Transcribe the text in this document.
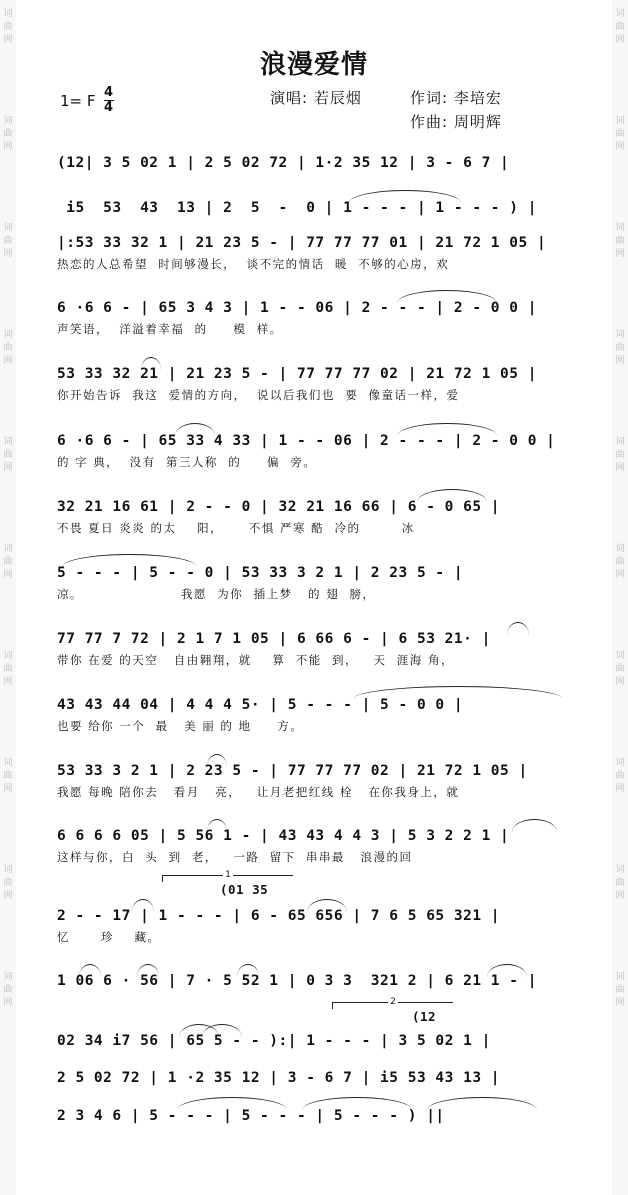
词
曲
网
词
曲
网
词
曲
网
词
曲
网
词
曲
网
词
曲
网
词
曲
网
词
曲
网
词
曲
网
词
曲
网
词
曲
网
词
曲
网
词
曲
网
词
曲
网
词
曲
网
词
曲
网
词
曲
网
词
曲
网
词
曲
网
词
曲
网
浪漫爱情
1= F 4
4
演唱: 若辰烟	作词: 李培宏
作曲: 周明辉
(12| 3 5 02 1 | 2 5 02 72 | 1·2 35 12 | 3 - 6 7 |
i5  53  43  13 | 2  5  -  0 | 1 - - - | 1 - - - ) |
|:53 33 32 1 | 21 23 5 - | 77 77 77 01 | 21 72 1 05 |
热恋的人总希望  时间够漫长，  谈不完的情话  暖  不够的心房，欢
6 ·6 6 - | 65 3 4 3 | 1 - - 06 | 2 - - - | 2 - 0 0 |
声笑语，  洋溢着幸福  的     模  样。
53 33 32 21 | 21 23 5 - | 77 77 77 02 | 21 72 1 05 |
你开始告诉  我这  爱情的方向，  说以后我们也  要  像童话一样，爱
6 ·6 6 - | 65 33 4 33 | 1 - - 06 | 2 - - - | 2 - 0 0 |
的 字 典，  没有  第三人称  的     偏  旁。
32 21 16 61 | 2 - - 0 | 32 21 16 66 | 6 - 0 65 |
不畏 夏日 炎炎 的太    阳，     不惧 严寒 酷  冷的        冰
5 - - - | 5 - - 0 | 53 33 3 2 1 | 2 23 5 - |
凉。                   我愿  为你  插上梦   的 翅  膀，
77 77 7 72 | 2 1 7 1 05 | 6 66 6 - | 6 53 21· |
带你 在爱 的天空   自由翱翔，就    算  不能  到，   天  涯海 角，
43 43 44 04 | 4 4 4 5· | 5 - - - | 5 - 0 0 |
也要 给你 一个  最   美 丽 的 地     方。
53 33 3 2 1 | 2 23 5 - | 77 77 77 02 | 21 72 1 05 |
我愿 每晚 陪你去   看月   亮，   让月老把红线 栓   在你我身上，就
6 6 6 6 05 | 5 56 1 - | 43 43 4 4 3 | 5 3 2 2 1 |
这样与你，白  头  到  老，   一路  留下  串串最   浪漫的回
1
(01 35
2 - - 17 | 1 - - - | 6 - 65 656 | 7 6 5 65 321 |
忆      珍    藏。
1 06 6 · 56 | 7 · 5 52 1 | 0 3 3  321 2 | 6 21 1 - |
2
(12
02 34 i7 56 | 65 5 - - ):| 1 - - - | 3 5 02 1 |
2 5 02 72 | 1 ·2 35 12 | 3 - 6 7 | i5 53 43 13 |
2 3 4 6 | 5 - - - | 5 - - - | 5 - - - ) ||
